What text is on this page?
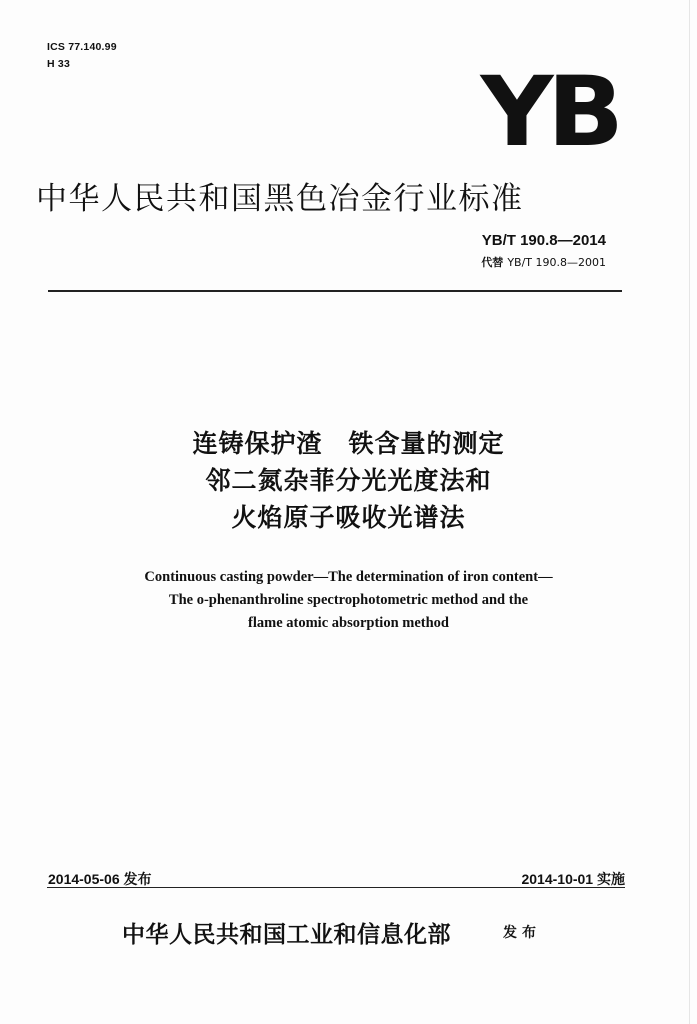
ICS 77.140.99
H 33	YB
中华人民共和国黑色冶金行业标准
YB/T 190.8—2014
代替 YB/T 190.8—2001
连铸保护渣　铁含量的测定
邻二氮杂菲分光光度法和
火焰原子吸收光谱法
Continuous casting powder—The determination of iron content—
The o-phenanthroline spectrophotometric method and the
flame atomic absorption method
2014-05-06 发布	2014-10-01 实施
中华人民共和国工业和信息化部	发布
